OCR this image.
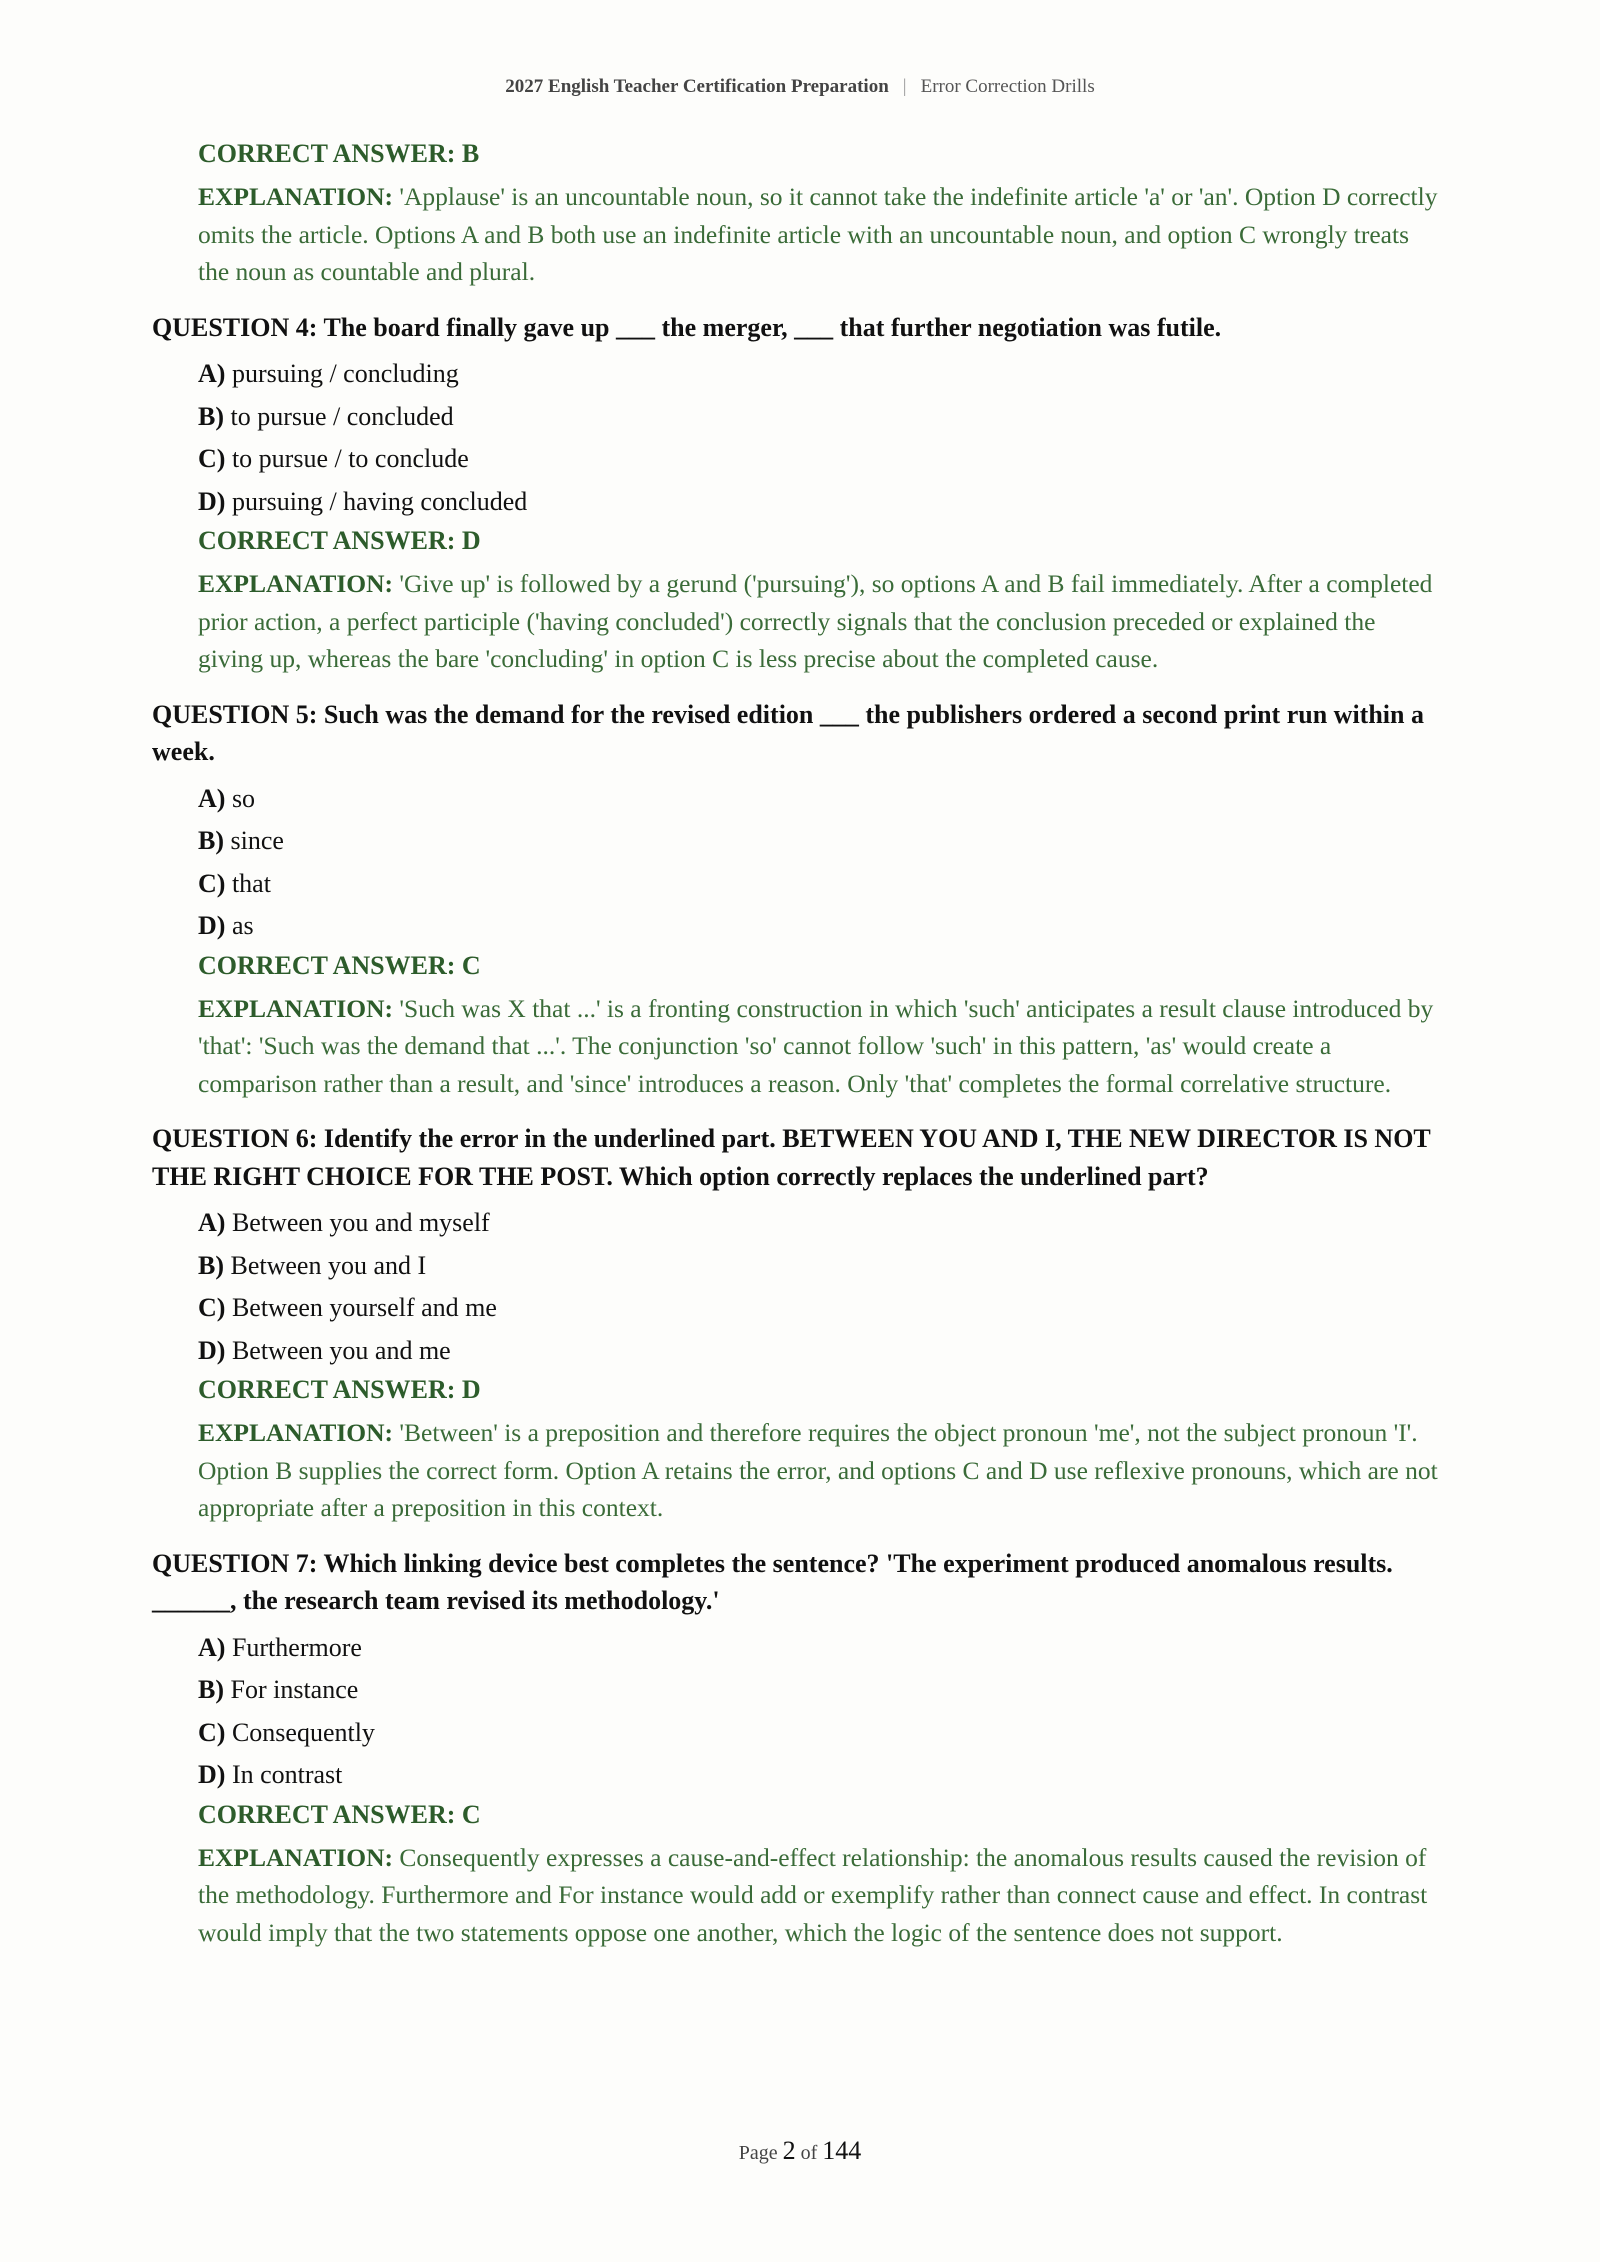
2027 English Teacher Certification Preparation | Error Correction Drills
CORRECT ANSWER: B
EXPLANATION: 'Applause' is an uncountable noun, so it cannot take the indefinite article 'a' or 'an'. Option D correctly omits the article. Options A and B both use an indefinite article with an uncountable noun, and option C wrongly treats the noun as countable and plural.
QUESTION 4: The board finally gave up ___ the merger, ___ that further negotiation was futile.
A) pursuing / concluding
B) to pursue / concluded
C) to pursue / to conclude
D) pursuing / having concluded
CORRECT ANSWER: D
EXPLANATION: 'Give up' is followed by a gerund ('pursuing'), so options A and B fail immediately. After a completed prior action, a perfect participle ('having concluded') correctly signals that the conclusion preceded or explained the giving up, whereas the bare 'concluding' in option C is less precise about the completed cause.
QUESTION 5: Such was the demand for the revised edition ___ the publishers ordered a second print run within a week.
A) so
B) since
C) that
D) as
CORRECT ANSWER: C
EXPLANATION: 'Such was X that ...' is a fronting construction in which 'such' anticipates a result clause introduced by 'that': 'Such was the demand that ...'. The conjunction 'so' cannot follow 'such' in this pattern, 'as' would create a comparison rather than a result, and 'since' introduces a reason. Only 'that' completes the formal correlative structure.
QUESTION 6: Identify the error in the underlined part. BETWEEN YOU AND I, THE NEW DIRECTOR IS NOT THE RIGHT CHOICE FOR THE POST. Which option correctly replaces the underlined part?
A) Between you and myself
B) Between you and I
C) Between yourself and me
D) Between you and me
CORRECT ANSWER: D
EXPLANATION: 'Between' is a preposition and therefore requires the object pronoun 'me', not the subject pronoun 'I'. Option B supplies the correct form. Option A retains the error, and options C and D use reflexive pronouns, which are not appropriate after a preposition in this context.
QUESTION 7: Which linking device best completes the sentence? 'The experiment produced anomalous results. ______, the research team revised its methodology.'
A) Furthermore
B) For instance
C) Consequently
D) In contrast
CORRECT ANSWER: C
EXPLANATION: Consequently expresses a cause-and-effect relationship: the anomalous results caused the revision of the methodology. Furthermore and For instance would add or exemplify rather than connect cause and effect. In contrast would imply that the two statements oppose one another, which the logic of the sentence does not support.
Page 2 of 144
